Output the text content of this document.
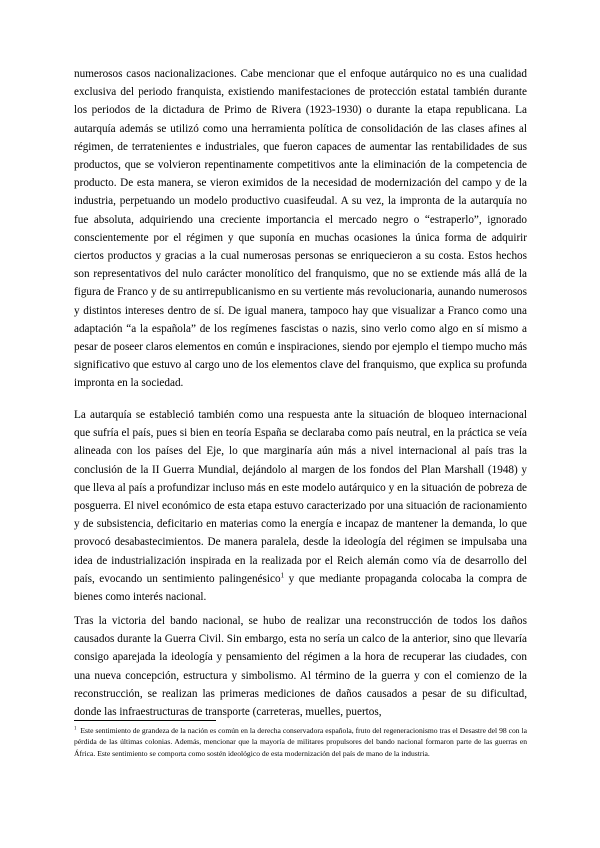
numerosos casos nacionalizaciones. Cabe mencionar que el enfoque autárquico no es una cualidad exclusiva del periodo franquista, existiendo manifestaciones de protección estatal también durante los periodos de la dictadura de Primo de Rivera (1923-1930) o durante la etapa republicana. La autarquía además se utilizó como una herramienta política de consolidación de las clases afines al régimen, de terratenientes e industriales, que fueron capaces de aumentar las rentabilidades de sus productos, que se volvieron repentinamente competitivos ante la eliminación de la competencia de producto. De esta manera, se vieron eximidos de la necesidad de modernización del campo y de la industria, perpetuando un modelo productivo cuasifeudal. A su vez, la impronta de la autarquía no fue absoluta, adquiriendo una creciente importancia el mercado negro o “estraperlo”, ignorado conscientemente por el régimen y que suponía en muchas ocasiones la única forma de adquirir ciertos productos y gracias a la cual numerosas personas se enriquecieron a su costa. Estos hechos son representativos del nulo carácter monolítico del franquismo, que no se extiende más allá de la figura de Franco y de su antirrepublicanismo en su vertiente más revolucionaria, aunando numerosos y distintos intereses dentro de sí. De igual manera, tampoco hay que visualizar a Franco como una adaptación “a la española” de los regímenes fascistas o nazis, sino verlo como algo en sí mismo a pesar de poseer claros elementos en común e inspiraciones, siendo por ejemplo el tiempo mucho más significativo que estuvo al cargo uno de los elementos clave del franquismo, que explica su profunda impronta en la sociedad.

La autarquía se estableció también como una respuesta ante la situación de bloqueo internacional que sufría el país, pues si bien en teoría España se declaraba como país neutral, en la práctica se veía alineada con los países del Eje, lo que marginaría aún más a nivel internacional al país tras la conclusión de la II Guerra Mundial, dejándolo al margen de los fondos del Plan Marshall (1948) y que lleva al país a profundizar incluso más en este modelo autárquico y en la situación de pobreza de posguerra. El nivel económico de esta etapa estuvo caracterizado por una situación de racionamiento y de subsistencia, deficitario en materias como la energía e incapaz de mantener la demanda, lo que provocó desabastecimientos. De manera paralela, desde la ideología del régimen se impulsaba una idea de industrialización inspirada en la realizada por el Reich alemán como vía de desarrollo del país, evocando un sentimiento palingenésico$^1$ y que mediante propaganda colocaba la compra de bienes como interés nacional.

Tras la victoria del bando nacional, se hubo de realizar una reconstrucción de todos los daños causados durante la Guerra Civil. Sin embargo, esta no sería un calco de la anterior, sino que llevaría consigo aparejada la ideología y pensamiento del régimen a la hora de recuperar las ciudades, con una nueva concepción, estructura y simbolismo. Al término de la guerra y con el comienzo de la reconstrucción, se realizan las primeras mediciones de daños causados a pesar de su dificultad, donde las infraestructuras de transporte (carreteras, muelles, puertos,

$^1$ Este sentimiento de grandeza de la nación es común en la derecha conservadora española, fruto del regeneracionismo tras el Desastre del 98 con la pérdida de las últimas colonias. Además, mencionar que la mayoría de militares propulsores del bando nacional formaron parte de las guerras en África. Este sentimiento se comporta como sostén ideológico de esta modernización del país de mano de la industria.
